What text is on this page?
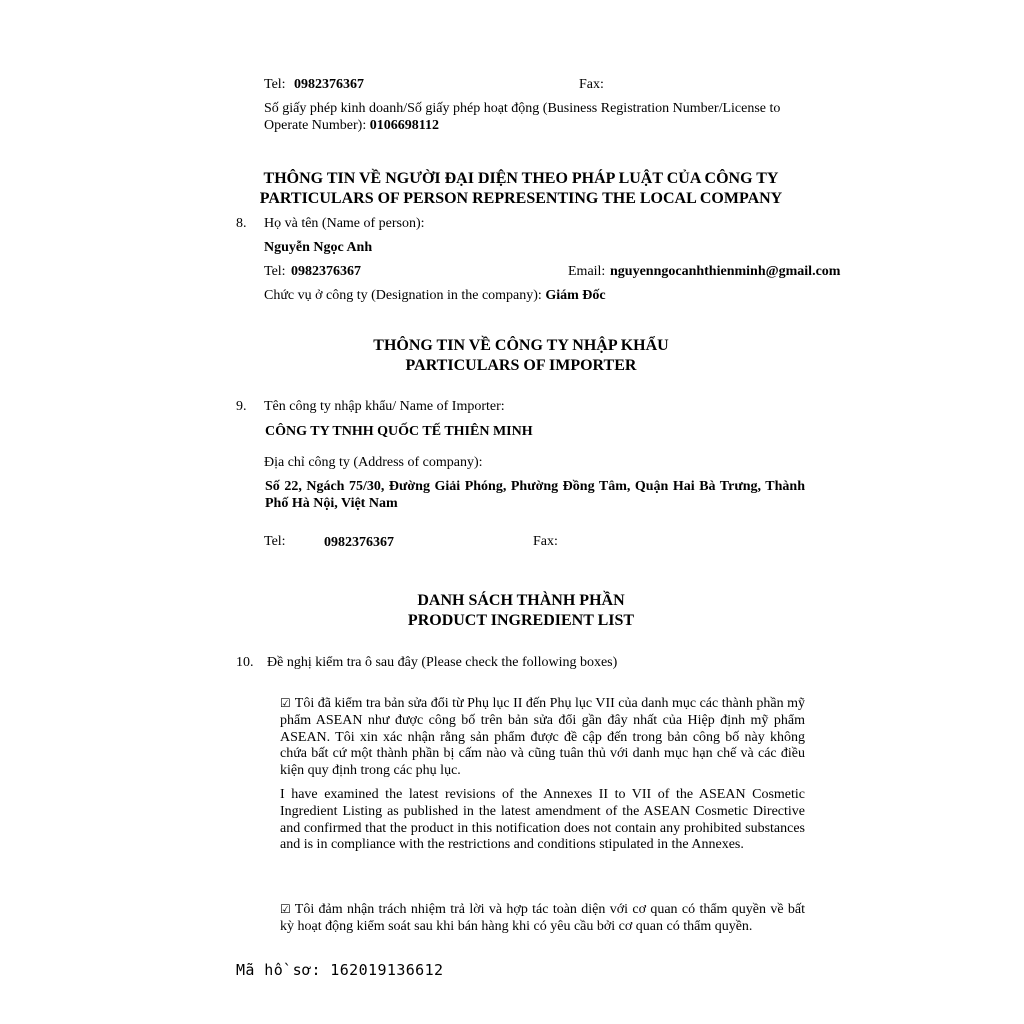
Tel: 0982376367	Fax:
Số giấy phép kinh doanh/Số giấy phép hoạt động (Business Registration Number/License to Operate Number): 0106698112
THÔNG TIN VỀ NGƯỜI ĐẠI DIỆN THEO PHÁP LUẬT CỦA CÔNG TY
PARTICULARS OF PERSON REPRESENTING THE LOCAL COMPANY
8. Họ và tên (Name of person):
Nguyễn Ngọc Anh
Tel: 0982376367	Email: nguyenngocanhthienminh@gmail.com
Chức vụ ở công ty (Designation in the company): Giám Đốc
THÔNG TIN VỀ CÔNG TY NHẬP KHẨU
PARTICULARS OF IMPORTER
9. Tên công ty nhập khẩu/ Name of Importer:
CÔNG TY TNHH QUỐC TẾ THIÊN MINH
Địa chỉ công ty (Address of company):
Số 22, Ngách 75/30, Đường Giải Phóng, Phường Đồng Tâm, Quận Hai Bà Trưng, Thành Phố Hà Nội, Việt Nam
Tel:	0982376367	Fax:
DANH SÁCH THÀNH PHẦN
PRODUCT INGREDIENT LIST
10. Đề nghị kiểm tra ô sau đây (Please check the following boxes)
☑ Tôi đã kiểm tra bản sửa đổi từ Phụ lục II đến Phụ lục VII của danh mục các thành phần mỹ phẩm ASEAN như được công bố trên bản sửa đổi gần đây nhất của Hiệp định mỹ phẩm ASEAN. Tôi xin xác nhận rằng sản phẩm được đề cập đến trong bản công bố này không chứa bất cứ một thành phần bị cấm nào và cũng tuân thủ với danh mục hạn chế và các điều kiện quy định trong các phụ lục.
I have examined the latest revisions of the Annexes II to VII of the ASEAN Cosmetic Ingredient Listing as published in the latest amendment of the ASEAN Cosmetic Directive and confirmed that the product in this notification does not contain any prohibited substances and is in compliance with the restrictions and conditions stipulated in the Annexes.
☑ Tôi đảm nhận trách nhiệm trả lời và hợp tác toàn diện với cơ quan có thẩm quyền về bất kỳ hoạt động kiểm soát sau khi bán hàng khi có yêu cầu bởi cơ quan có thẩm quyền.
Mã hồ sơ: 162019136612
